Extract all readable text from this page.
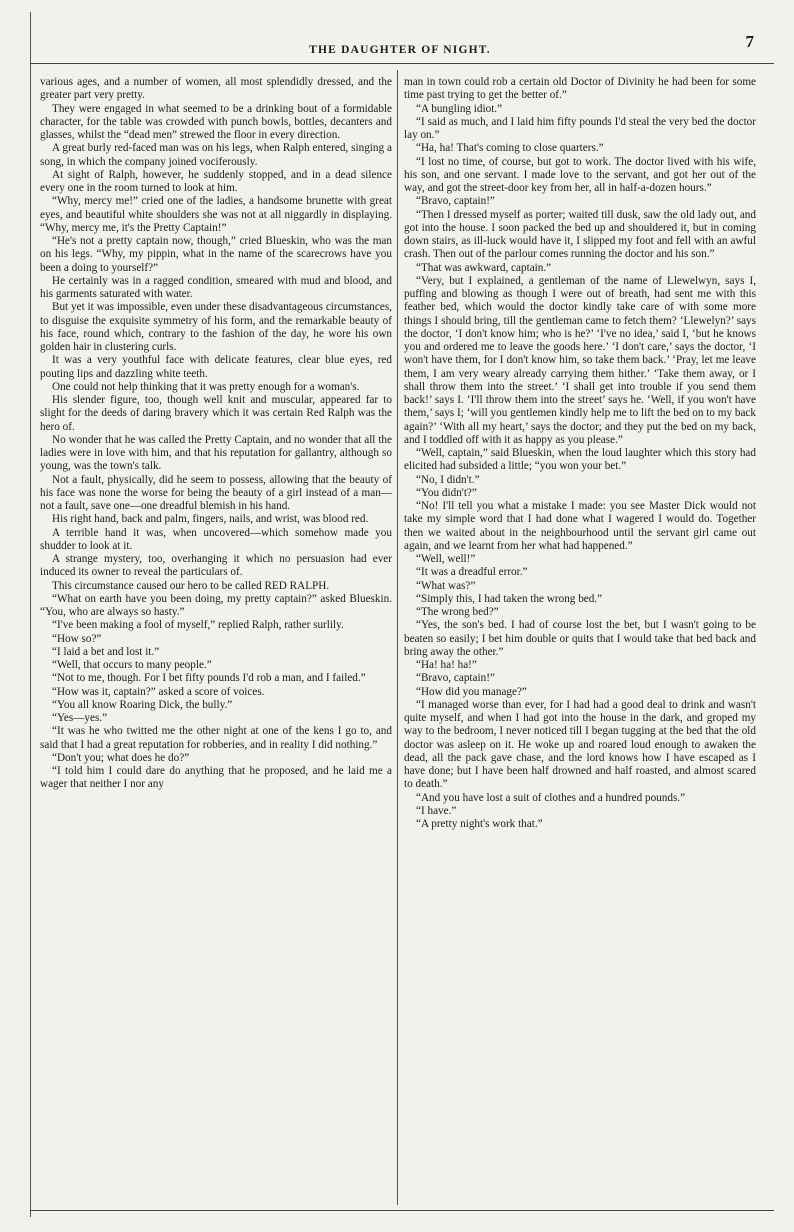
THE DAUGHTER OF NIGHT.	7

various ages, and a number of women, all most splendidly dressed, and the greater part very pretty.

They were engaged in what seemed to be a drinking bout of a formidable character, for the table was crowded with punch bowls, bottles, decanters and glasses, whilst the “dead men” strewed the floor in every direction.

A great burly red-faced man was on his legs, when Ralph entered, singing a song, in which the company joined vociferously.

At sight of Ralph, however, he suddenly stopped, and in a dead silence every one in the room turned to look at him.

“Why, mercy me!” cried one of the ladies, a handsome brunette with great eyes, and beautiful white shoulders she was not at all niggardly in displaying. “Why, mercy me, it's the Pretty Captain!”

“He's not a pretty captain now, though,” cried Blueskin, who was the man on his legs. “Why, my pippin, what in the name of the scarecrows have you been a doing to yourself?”

He certainly was in a ragged condition, smeared with mud and blood, and his garments saturated with water.

But yet it was impossible, even under these disadvantageous circumstances, to disguise the exquisite symmetry of his form, and the remarkable beauty of his face, round which, contrary to the fashion of the day, he wore his own golden hair in clustering curls.

It was a very youthful face with delicate features, clear blue eyes, red pouting lips and dazzling white teeth.

One could not help thinking that it was pretty enough for a woman's.

His slender figure, too, though well knit and muscular, appeared far to slight for the deeds of daring bravery which it was certain Red Ralph was the hero of.

No wonder that he was called the Pretty Captain, and no wonder that all the ladies were in love with him, and that his reputation for gallantry, although so young, was the town's talk.

Not a fault, physically, did he seem to possess, allowing that the beauty of his face was none the worse for being the beauty of a girl instead of a man—not a fault, save one—one dreadful blemish in his hand.

His right hand, back and palm, fingers, nails, and wrist, was blood red.

A terrible hand it was, when uncovered—which somehow made you shudder to look at it.

A strange mystery, too, overhanging it which no persuasion had ever induced its owner to reveal the particulars of.

This circumstance caused our hero to be called RED RALPH.

“What on earth have you been doing, my pretty captain?” asked Blueskin. “You, who are always so hasty.”

“I've been making a fool of myself,” replied Ralph, rather surlily.

“How so?”

“I laid a bet and lost it.”

“Well, that occurs to many people.”

“Not to me, though. For I bet fifty pounds I'd rob a man, and I failed.”

“How was it, captain?” asked a score of voices.

“You all know Roaring Dick, the bully.”

“Yes—yes.”

“It was he who twitted me the other night at one of the kens I go to, and said that I had a great reputation for robberies, and in reality I did nothing.”

“Don't you; what does he do?”

“I told him I could dare do anything that he proposed, and he laid me a wager that neither I nor any

man in town could rob a certain old Doctor of Divinity he had been for some time past trying to get the better of.”

“A bungling idiot.”

“I said as much, and I laid him fifty pounds I'd steal the very bed the doctor lay on.”

“Ha, ha! That's coming to close quarters.”

“I lost no time, of course, but got to work. The doctor lived with his wife, his son, and one servant. I made love to the servant, and got her out of the way, and got the street-door key from her, all in half-a-dozen hours.”

“Bravo, captain!”

“Then I dressed myself as porter; waited till dusk, saw the old lady out, and got into the house. I soon packed the bed up and shouldered it, but in coming down stairs, as ill-luck would have it, I slipped my foot and fell with an awful crash. Then out of the parlour comes running the doctor and his son.”

“That was awkward, captain.”

“Very, but I explained, a gentleman of the name of Llewelwyn, says I, puffing and blowing as though I were out of breath, had sent me with this feather bed, which would the doctor kindly take care of with some more things I should bring, till the gentleman came to fetch them? ‘Llewelyn?’ says the doctor, ‘I don't know him; who is he?’ ‘I've no idea,’ said I, ‘but he knows you and ordered me to leave the goods here.’ ‘I don't care,’ says the doctor, ‘I won't have them, for I don't know him, so take them back.’ ‘Pray, let me leave them, I am very weary already carrying them hither.’ ‘Take them away, or I shall throw them into the street.’ ‘I shall get into trouble if you send them back!’ says I. ‘I'll throw them into the street’ says he. ‘Well, if you won't have them,’ says I; ‘will you gentlemen kindly help me to lift the bed on to my back again?’ ‘With all my heart,’ says the doctor; and they put the bed on my back, and I toddled off with it as happy as you please.”

“Well, captain,” said Blueskin, when the loud laughter which this story had elicited had subsided a little; “you won your bet.”

“No, I didn't.”

“You didn't?”

“No! I'll tell you what a mistake I made: you see Master Dick would not take my simple word that I had done what I wagered I would do. Together then we waited about in the neighbourhood until the servant girl came out again, and we learnt from her what had happened.”

“Well, well!”

“It was a dreadful error.”

“What was?”

“Simply this, I had taken the wrong bed.”

“The wrong bed?”

“Yes, the son's bed. I had of course lost the bet, but I wasn't going to be beaten so easily; I bet him double or quits that I would take that bed back and bring away the other.”

“Ha! ha! ha!”

“Bravo, captain!”

“How did you manage?”

“I managed worse than ever, for I had had a good deal to drink and wasn't quite myself, and when I had got into the house in the dark, and groped my way to the bedroom, I never noticed till I began tugging at the bed that the old doctor was asleep on it. He woke up and roared loud enough to awaken the dead, all the pack gave chase, and the lord knows how I have escaped as I have done; but I have been half drowned and half roasted, and almost scared to death.”

“And you have lost a suit of clothes and a hundred pounds.”

“I have.”

“A pretty night's work that.”
